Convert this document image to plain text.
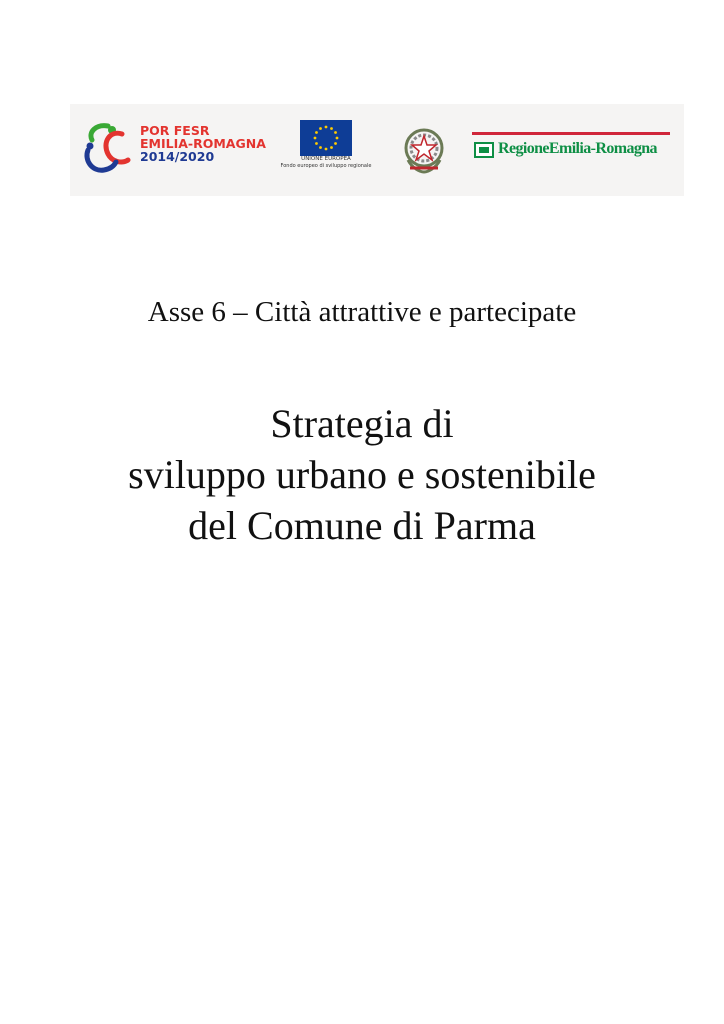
POR FESR
EMILIA-ROMAGNA
2014/2020	UNIONE EUROPEA
Fondo europeo di sviluppo regionale
RegioneEmilia-Romagna
Asse 6 – Città attrattive e partecipate
Strategia di
sviluppo urbano e sostenibile
del Comune di Parma
